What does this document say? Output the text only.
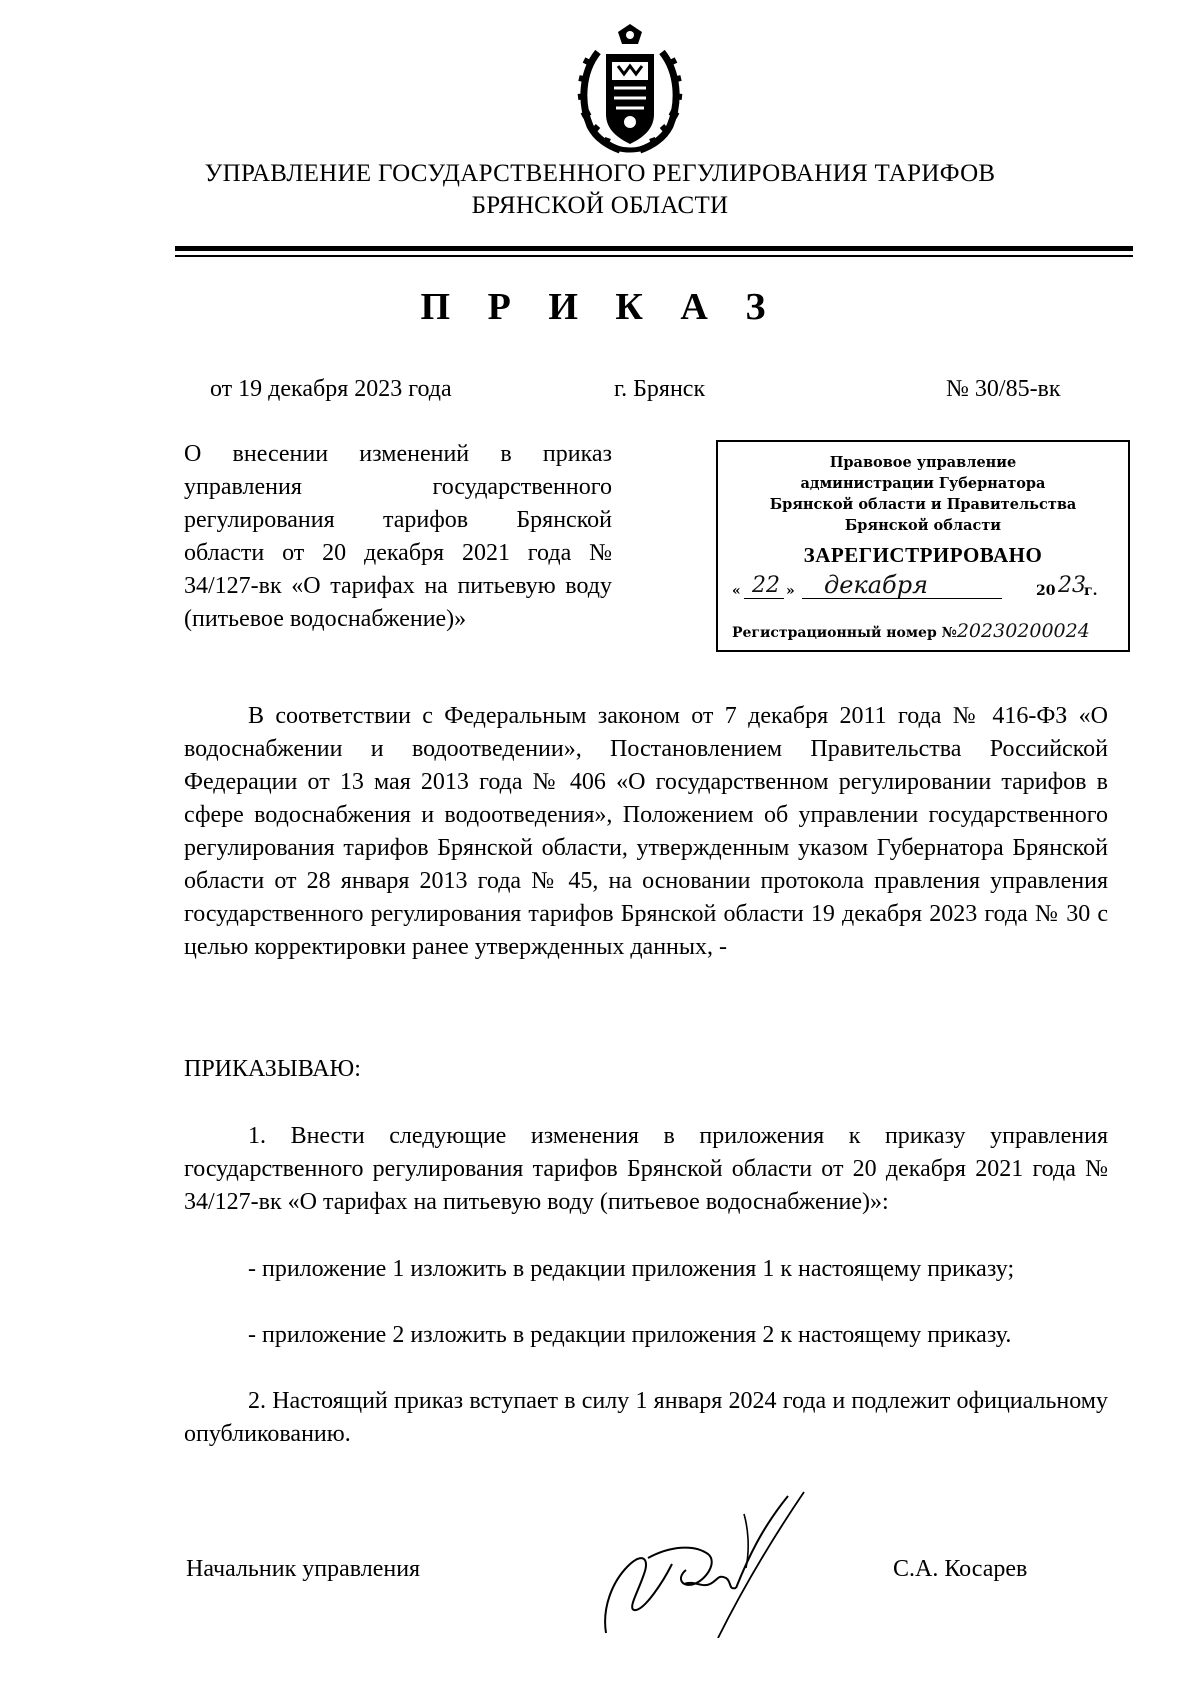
УПРАВЛЕНИЕ ГОСУДАРСТВЕННОГО РЕГУЛИРОВАНИЯ ТАРИФОВ
БРЯНСКОЙ ОБЛАСТИ
П Р И К А З
от 19 декабря 2023 года	г. Брянск	№ 30/85-вк
О внесении изменений в приказ управления государственного регулирования тарифов Брянской области от 20 декабря 2021 года № 34/127-вк «О тарифах на питьевую воду (питьевое водоснабжение)»
Правовое управление
администрации Губернатора
Брянской области и Правительства
Брянской области
ЗАРЕГИСТРИРОВАНО
« 22 » декабря	20 23
г.
Регистрационный номер №20230200024
В соответствии с Федеральным законом от 7 декабря 2011 года № 416-ФЗ «О водоснабжении и водоотведении», Постановлением Правительства Российской Федерации от 13 мая 2013 года № 406 «О государственном регулировании тарифов в сфере водоснабжения и водоотведения», Положением об управлении государственного регулирования тарифов Брянской области, утвержденным указом Губернатора Брянской области от 28 января 2013 года № 45, на основании протокола правления управления государственного регулирования тарифов Брянской области 19 декабря 2023 года № 30 с целью корректировки ранее утвержденных данных, -
ПРИКАЗЫВАЮ:
1. Внести следующие изменения в приложения к приказу управления государственного регулирования тарифов Брянской области от 20 декабря 2021 года № 34/127-вк «О тарифах на питьевую воду (питьевое водоснабжение)»:
- приложение 1 изложить в редакции приложения 1 к настоящему приказу;
- приложение 2 изложить в редакции приложения 2 к настоящему приказу.
2. Настоящий приказ вступает в силу 1 января 2024 года и подлежит официальному опубликованию.
Начальник управления	С.А. Косарев
